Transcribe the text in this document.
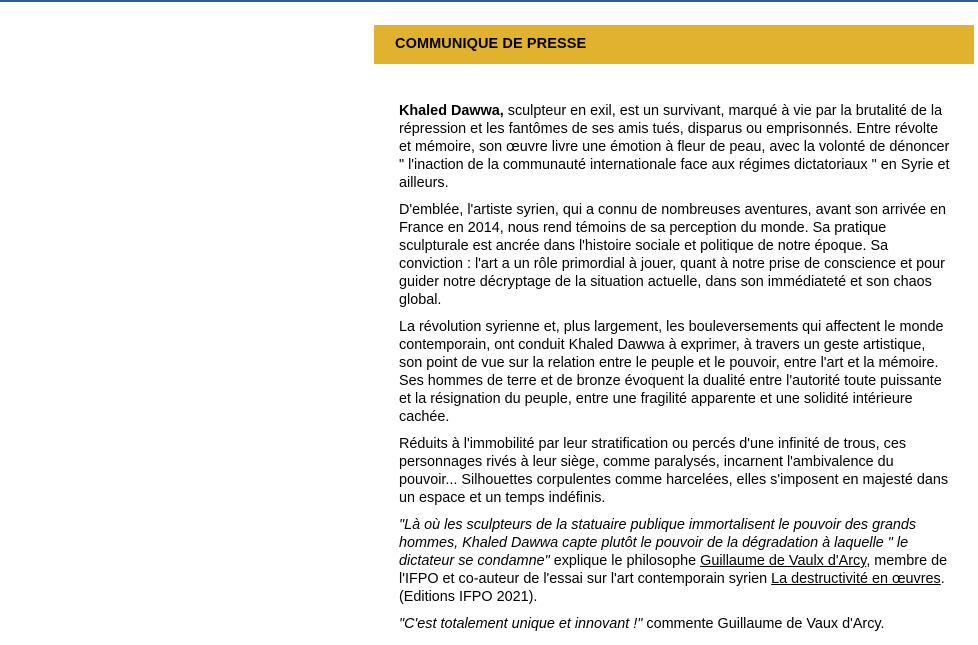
COMMUNIQUE DE PRESSE

Khaled Dawwa, sculpteur en exil, est un survivant, marqué à vie par la brutalité de la répression et les fantômes de ses amis tués, disparus ou emprisonnés. Entre révolte et mémoire, son œuvre livre une émotion à fleur de peau, avec la volonté de dénoncer " l'inaction de la communauté internationale face aux régimes dictatoriaux " en Syrie et ailleurs.

D'emblée, l'artiste syrien, qui a connu de nombreuses aventures, avant son arrivée en France en 2014, nous rend témoins de sa perception du monde. Sa pratique sculpturale est ancrée dans l'histoire sociale et politique de notre époque. Sa conviction : l'art a un rôle primordial à jouer, quant à notre prise de conscience et pour guider notre décryptage de la situation actuelle, dans son immédiateté et son chaos global.

La révolution syrienne et, plus largement, les bouleversements qui affectent le monde contemporain, ont conduit Khaled Dawwa à exprimer, à travers un geste artistique, son point de vue sur la relation entre le peuple et le pouvoir, entre l'art et la mémoire. Ses hommes de terre et de bronze évoquent la dualité entre l'autorité toute puissante et la résignation du peuple, entre une fragilité apparente et une solidité intérieure cachée.

Réduits à l'immobilité par leur stratification ou percés d'une infinité de trous, ces personnages rivés à leur siège, comme paralysés, incarnent l'ambivalence du pouvoir... Silhouettes corpulentes comme harcelées, elles s'imposent en majesté dans un espace et un temps indéfinis.

"Là où les sculpteurs de la statuaire publique immortalisent le pouvoir des grands hommes, Khaled Dawwa capte plutôt le pouvoir de la dégradation à laquelle " le dictateur se condamne" explique le philosophe Guillaume de Vaulx d'Arcy, membre de l'IFPO et co-auteur de l'essai sur l'art contemporain syrien La destructivité en œuvres. (Editions IFPO 2021).

"C'est totalement unique et innovant !" commente Guillaume de Vaux d'Arcy.
